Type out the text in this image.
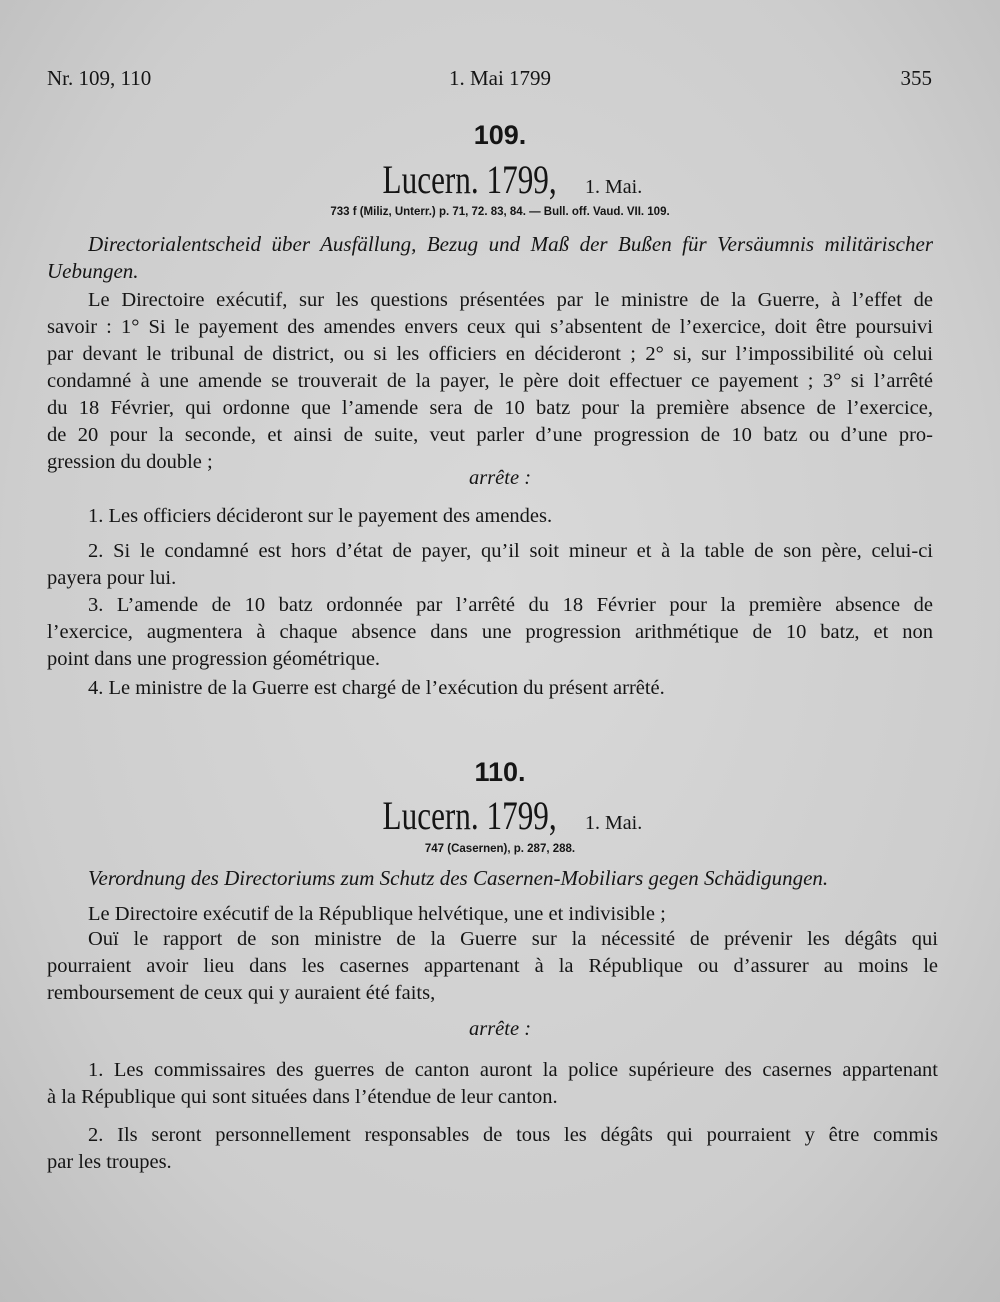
Nr. 109, 110	1. Mai 1799	355
109.
Lucern. 1799, 1. Mai.
733 f (Miliz, Unterr.) p. 71, 72. 83, 84. — Bull. off. Vaud. VII. 109.
Directorialentscheid über Ausfällung, Bezug und Maß der Bußen für Versäumnis militärischer
Uebungen.
Le Directoire exécutif, sur les questions présentées par le ministre de la Guerre, à l’effet de
savoir : 1° Si le payement des amendes envers ceux qui s’absentent de l’exercice, doit être poursuivi
par devant le tribunal de district, ou si les officiers en décideront ; 2° si, sur l’impossibilité où celui
condamné à une amende se trouverait de la payer, le père doit effectuer ce payement ; 3° si l’arrêté
du 18 Février, qui ordonne que l’amende sera de 10 batz pour la première absence de l’exercice,
de 20 pour la seconde, et ainsi de suite, veut parler d’une progression de 10 batz ou d’une pro-
gression du double ;
arrête :
1. Les officiers décideront sur le payement des amendes.
2. Si le condamné est hors d’état de payer, qu’il soit mineur et à la table de son père, celui-ci
payera pour lui.
3. L’amende de 10 batz ordonnée par l’arrêté du 18 Février pour la première absence de
l’exercice, augmentera à chaque absence dans une progression arithmétique de 10 batz, et non
point dans une progression géométrique.
4. Le ministre de la Guerre est chargé de l’exécution du présent arrêté.
110.
Lucern. 1799, 1. Mai.
747 (Casernen), p. 287, 288.
Verordnung des Directoriums zum Schutz des Casernen-Mobiliars gegen Schädigungen.
Le Directoire exécutif de la République helvétique, une et indivisible ;
Ouï le rapport de son ministre de la Guerre sur la nécessité de prévenir les dégâts qui
pourraient avoir lieu dans les casernes appartenant à la République ou d’assurer au moins le
remboursement de ceux qui y auraient été faits,
arrête :
1. Les commissaires des guerres de canton auront la police supérieure des casernes appartenant
à la République qui sont situées dans l’étendue de leur canton.
2. Ils seront personnellement responsables de tous les dégâts qui pourraient y être commis
par les troupes.
